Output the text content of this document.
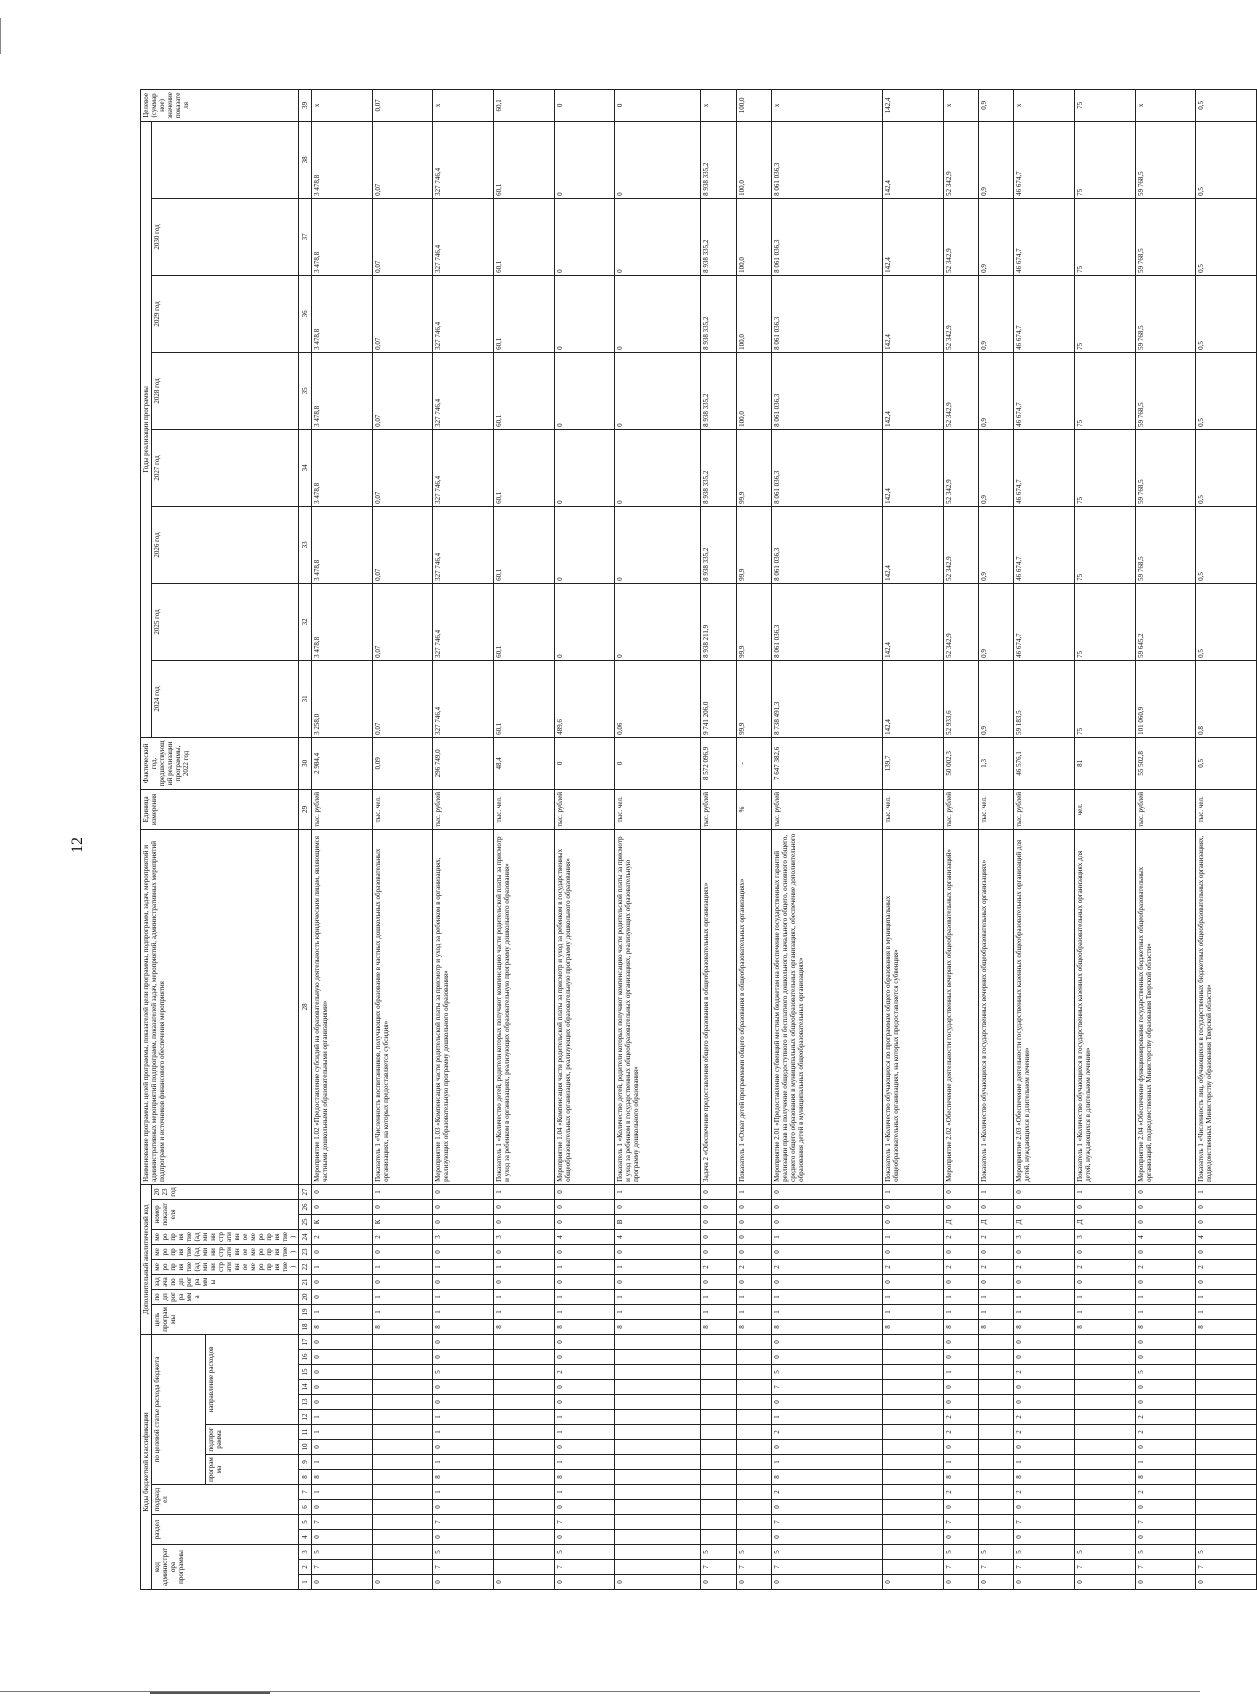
12
Коды бюджетной классификации																	Дополнительный аналитический код										Наименование программы, целей программы, показателей цели программы, подпрограмм, задач, мероприятий и административных мероприятий подпрограмм, показателей задач, мероприятий, административных мероприятий подпрограмм и источников финансового обеспечения мероприятия	Единица измерения	Фактический год, предшествующий реализации программы, 2022 год	Годы реализации программы								Целевое (суммарное) значение показателя
код администратора программы			раздел		подраздел		по целевой статье расхода бюджета										цель программы		подпрограмма	задача подпрограммы	мероприятие (административное мероприятие)	мероприятие (административное мероприятие)	мероприятие (административное мероприятие)	номер показателя		2023 год				2024 год	2025 год	2026 год	2027 год	2028 год	2029 год	2030 год		
							программа		подпрограмма		направление расходов																											
1	2	3	4	5	6	7	8	9	10	11	12	13	14	15	16	17	18	19	20	21	22	23	24	25	26	27	28	29	30	31	32	33	34	35	36	37	38	39
0	7	5	0	7	0	1	8	1	0	1	1	0	0	0	0	0	8	1	0	0	1	0	2	К	0	0	Мероприятие 1.02 «Предоставление субсидий на образовательную деятельность юридическим лицам, являющимся частными дошкольными образовательными организациями»	тыс. рублей	2 984,4	3 258,0	3 478,8	3 478,8	3 478,8	3 478,8	3 478,8	3 478,8	3 478,8	х
0																	8	1	1	0	1	0	2	К	0	1	Показатель 1 «Численность воспитанников, получающих образование в частных дошкольных образовательных организациях, на которых предоставляется субсидия»	тыс. чел.	0,09	0,07	0,07	0,07	0,07	0,07	0,07	0,07	0,07	0,07
0	7	5	0	7	0	1	8	1	0	1	1	0	0	5	0	0	8	1	1	0	1	0	3	0	0	0	Мероприятие 1.03 «Компенсация части родительской платы за присмотр и уход за ребенком в организациях, реализующих образовательную программу дошкольного образования»	тыс. рублей	296 749,0	327 746,4	327 746,4	327 746,4	327 746,4	327 746,4	327 746,4	327 746,4	327 746,4	х
0																	8	1	1	0	1	0	3	0	0	1	Показатель 1 «Количество детей, родители которых получают компенсацию части родительской платы за присмотр и уход за ребенком в организациях, реализующих образовательную программу дошкольного образования»	тыс. чел.	48,4	60,1	60,1	60,1	60,1	60,1	60,1	60,1	60,1	60,1
0	7	5	0	7	0	1	8	1	0	1	1	0	0	2	0	0	8	1	1	0	1	0	4	0	0	0	Мероприятие 1.04 «Компенсация части родительской платы за присмотр и уход за ребенком в государственных общеобразовательных организациях, реализующих образовательную программу дошкольного образования»	тыс. рублей	0	489,6	0	0	0	0	0	0	0	0
0																	8	1	1	0	1	0	4	В	0	1	Показатель 1 «Количество детей, родители которых получают компенсацию части родительской платы за присмотр и уход за ребенком в государственных общеобразовательных организациях, реализующих образовательную программу дошкольного образования»	тыс. чел.	0	0,06	0	0	0	0	0	0	0	0
0	7	5															8	1	1	0	2	0	0	0	0	0	Задача 2 «Обеспечение предоставления общего образования в общеобразовательных организациях»	тыс. рублей	8 572 096,9	9 741 206,0	8 938 211,9	8 938 335,2	8 938 335,2	8 938 335,2	8 938 335,2	8 938 335,2	8 938 335,2	х
0	7	5															8	1	1	0	2	0	0	0	0	1	Показатель 1 «Охват детей программами общего образования в общеобразовательных организациях»	%	-	99,9	99,9	99,9	99,9	100,0	100,0	100,0	100,0	100,0
0	7	5	0	7	0	2	8	1	0	2	1	0	7	5	0	0	8	1	1	0	2	0	1	0	0	0	Мероприятие 2.01 «Предоставление субвенций местным бюджетам на обеспечение государственных гарантий реализации прав на получение общедоступного и бесплатного дошкольного, начального общего, основного общего, среднего общего образования в муниципальных общеобразовательных организациях, обеспечение дополнительного образования детей в муниципальных общеобразовательных организациях»	тыс. рублей	7 647 382,6	8 738 491,3	8 061 036,3	8 061 036,3	8 061 036,3	8 061 036,3	8 061 036,3	8 061 036,3	8 061 036,3	х
0																	8	1	1	0	2	0	1	0	0	1	Показатель 1 «Количество обучающихся по программам общего образования в муниципальных общеобразовательных организациях, на которых предоставляется субвенция»	тыс. чел.	139,7	142,4	142,4	142,4	142,4	142,4	142,4	142,4	142,4	142,4
0	7	5	0	7	0	2	8	1	0	2	2	0	0	1	0	0	8	1	1	0	2	0	2	Д	0	0	Мероприятие 2.02 «Обеспечение деятельности государственных вечерних общеобразовательных организаций»	тыс. рублей	50 002,3	52 933,6	52 342,9	52 342,9	52 342,9	52 342,9	52 342,9	52 342,9	52 342,9	х
0	7	5															8	1	1	0	2	0	2	Д	0	1	Показатель 1 «Количество обучающихся в государственных вечерних общеобразовательных организациях»	тыс. чел.	1,3	0,9	0,9	0,9	0,9	0,9	0,9	0,9	0,9	0,9
0	7	5	0	7	0	2	8	1	0	2	2	0	0	2	0	0	8	1	1	0	2	0	3	Д	0	0	Мероприятие 2.03 «Обеспечение деятельности государственных казенных общеобразовательных организаций для детей, нуждающихся в длительном лечении»	тыс. рублей	46 576,1	59 183,5	46 674,7	46 674,7	46 674,7	46 674,7	46 674,7	46 674,7	46 674,7	х
0	7	5															8	1	1	0	2	0	3	Д	0	1	Показатель 1 «Количество обучающихся в государственных казенных общеобразовательных организациях для детей, нуждающихся в длительном лечении»	чел.	81	75	75	75	75	75	75	75	75	75
0	7	5	0	7	0	2	8	1	0	2	2	0	0	5	0	0	8	1	1	0	2	0	4	0	0	0	Мероприятие 2.04 «Обеспечение функционирования государственных бюджетных общеобразовательных организаций, подведомственных Министерству образования Тверской области»	тыс. рублей	55 502,8	101 060,9	59 645,2	59 768,5	59 768,5	59 768,5	59 768,5	59 768,5	59 768,5	х
0	7	5															8	1	1	0	2	0	4	0	0	1	Показатель 1 «Численность лиц, обучающихся в государственных бюджетных общеобразовательных организациях, подведомственных Министерству образования Тверской области»	тыс. чел.	0,5	0,8	0,5	0,5	0,5	0,5	0,5	0,5	0,5	0,5
